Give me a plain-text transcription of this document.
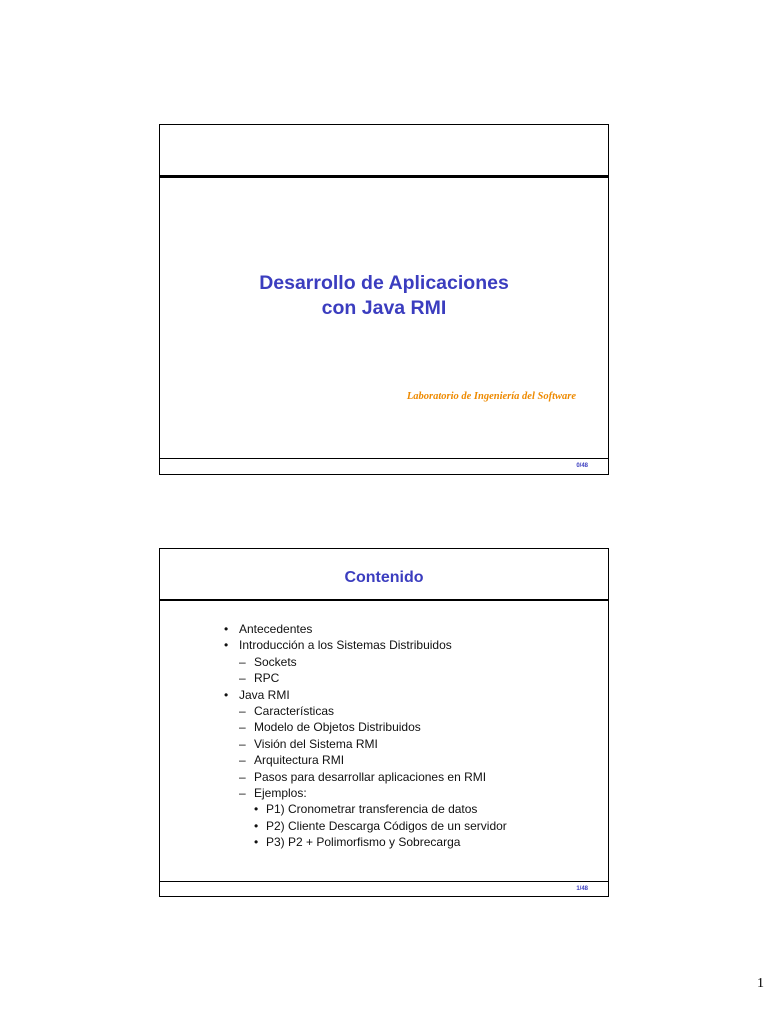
Desarrollo de Aplicaciones
con Java RMI
Laboratorio de Ingeniería del Software
0/48
Contenido
• Antecedentes
• Introducción a los Sistemas Distribuidos
– Sockets
– RPC
• Java RMI
– Características
– Modelo de Objetos Distribuidos
– Visión del Sistema RMI
– Arquitectura RMI
– Pasos para desarrollar aplicaciones en RMI
– Ejemplos:
• P1) Cronometrar transferencia de datos
• P2) Cliente Descarga Códigos de un servidor
• P3) P2 + Polimorfismo y Sobrecarga
1/48
1
